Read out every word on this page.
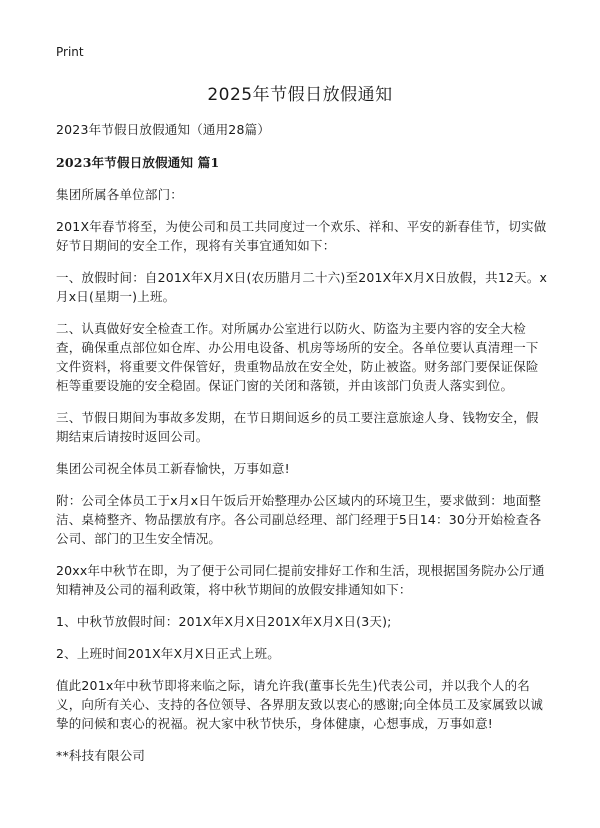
Print
2025年节假日放假通知

2023年节假日放假通知（通用28篇）

2023年节假日放假通知 篇1

集团所属各单位部门：

201X年春节将至，为使公司和员工共同度过一个欢乐、祥和、平安的新春佳节，切实做好节日期间的安全工作，现将有关事宜通知如下：

一、放假时间：自201X年X月X日(农历腊月二十六)至201X年X月X日放假，共12天。x月x日(星期一)上班。

二、认真做好安全检查工作。对所属办公室进行以防火、防盗为主要内容的安全大检查，确保重点部位如仓库、办公用电设备、机房等场所的安全。各单位要认真清理一下文件资料，将重要文件保管好，贵重物品放在安全处，防止被盗。财务部门要保证保险柜等重要设施的安全稳固。保证门窗的关闭和落锁，并由该部门负责人落实到位。

三、节假日期间为事故多发期，在节日期间返乡的员工要注意旅途人身、钱物安全，假期结束后请按时返回公司。

集团公司祝全体员工新春愉快，万事如意!

附：公司全体员工于x月x日午饭后开始整理办公区域内的环境卫生，要求做到：地面整洁、桌椅整齐、物品摆放有序。各公司副总经理、部门经理于5日14：30分开始检查各公司、部门的卫生安全情况。

20xx年中秋节在即，为了便于公司同仁提前安排好工作和生活，现根据国务院办公厅通知精神及公司的福利政策，将中秋节期间的放假安排通知如下：

1、中秋节放假时间：201X年X月X日201X年X月X日(3天);

2、上班时间201X年X月X日正式上班。

值此201x年中秋节即将来临之际，请允许我(董事长先生)代表公司，并以我个人的名义，向所有关心、支持的各位领导、各界朋友致以衷心的感谢;向全体员工及家属致以诚挚的问候和衷心的祝福。祝大家中秋节快乐，身体健康，心想事成，万事如意!

**科技有限公司
